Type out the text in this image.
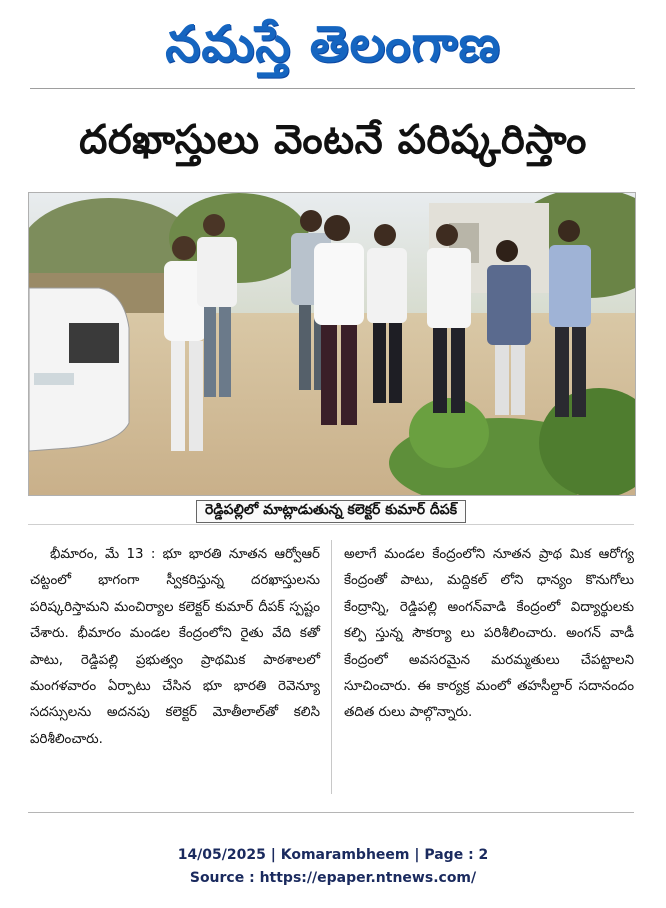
నమస్తే తెలంగాణ
దరఖాస్తులు వెంటనే పరిష్కరిస్తాం
రెడ్డిపల్లిలో మాట్లాడుతున్న కలెక్టర్ కుమార్ దీపక్

భీమారం, మే 13 : భూ భారతి నూతన ఆర్వోఆర్ చట్టంలో భాగంగా స్వీకరిస్తున్న దరఖాస్తులను పరిష్కరిస్తామని మంచిర్యాల కలెక్టర్ కుమార్ దీపక్ స్పష్టం చేశారు. భీమారం మండల కేంద్రంలోని రైతు వేది కతో పాటు, రెడ్డిపల్లి ప్రభుత్వం ప్రాథమిక పాఠశాలలో మంగళవారం ఏర్పాటు చేసిన భూ భారతి రెవెన్యూ సదస్సులను అదనపు కలెక్టర్ మోతీలాల్‌తో కలిసి పరిశీలించారు.

అలాగే మండల కేంద్రంలోని నూతన ప్రాథ మిక ఆరోగ్య కేంద్రంతో పాటు, మద్దికల్ లోని ధాన్యం కొనుగోలు కేంద్రాన్ని, రెడ్డిపల్లి అంగన్‌వాడి కేంద్రంలో విద్యార్థులకు కల్పి స్తున్న సౌకర్యా లు పరిశీలించారు. అంగన్ వాడీ కేంద్రంలో అవసరమైన మరమ్మతులు చేపట్టాలని సూచించారు. ఈ కార్యక్ర మంలో తహసీల్దార్ సదానందం తదిత రులు పాల్గొన్నారు.

14/05/2025 | Komarambheem | Page : 2
Source : https://epaper.ntnews.com/
